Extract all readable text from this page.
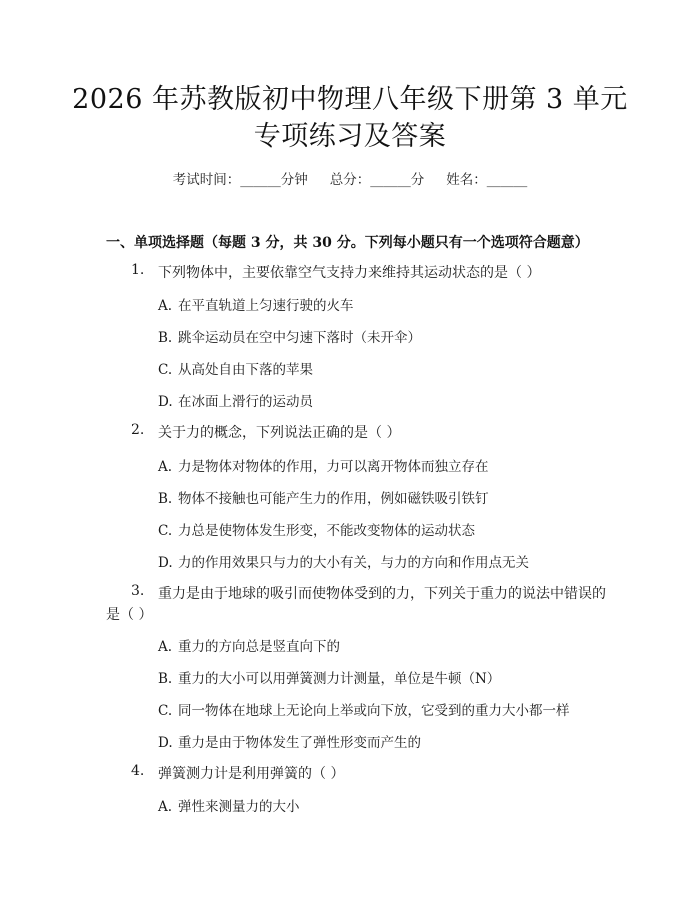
2026 年苏教版初中物理八年级下册第 3 单元
专项练习及答案
考试时间：______分钟 总分：______分 姓名：______
一、单项选择题（每题 3 分，共 30 分。下列每小题只有一个选项符合题意）
1. 下列物体中，主要依靠空气支持力来维持其运动状态的是（ ）
A. 在平直轨道上匀速行驶的火车
B. 跳伞运动员在空中匀速下落时（未开伞）
C. 从高处自由下落的苹果
D. 在冰面上滑行的运动员
2. 关于力的概念，下列说法正确的是（ ）
A. 力是物体对物体的作用，力可以离开物体而独立存在
B. 物体不接触也可能产生力的作用，例如磁铁吸引铁钉
C. 力总是使物体发生形变，不能改变物体的运动状态
D. 力的作用效果只与力的大小有关，与力的方向和作用点无关
3. 重力是由于地球的吸引而使物体受到的力，下列关于重力的说法中错误的
是（ ）
A. 重力的方向总是竖直向下的
B. 重力的大小可以用弹簧测力计测量，单位是牛顿（N）
C. 同一物体在地球上无论向上举或向下放，它受到的重力大小都一样
D. 重力是由于物体发生了弹性形变而产生的
4. 弹簧测力计是利用弹簧的（ ）
A. 弹性来测量力的大小
